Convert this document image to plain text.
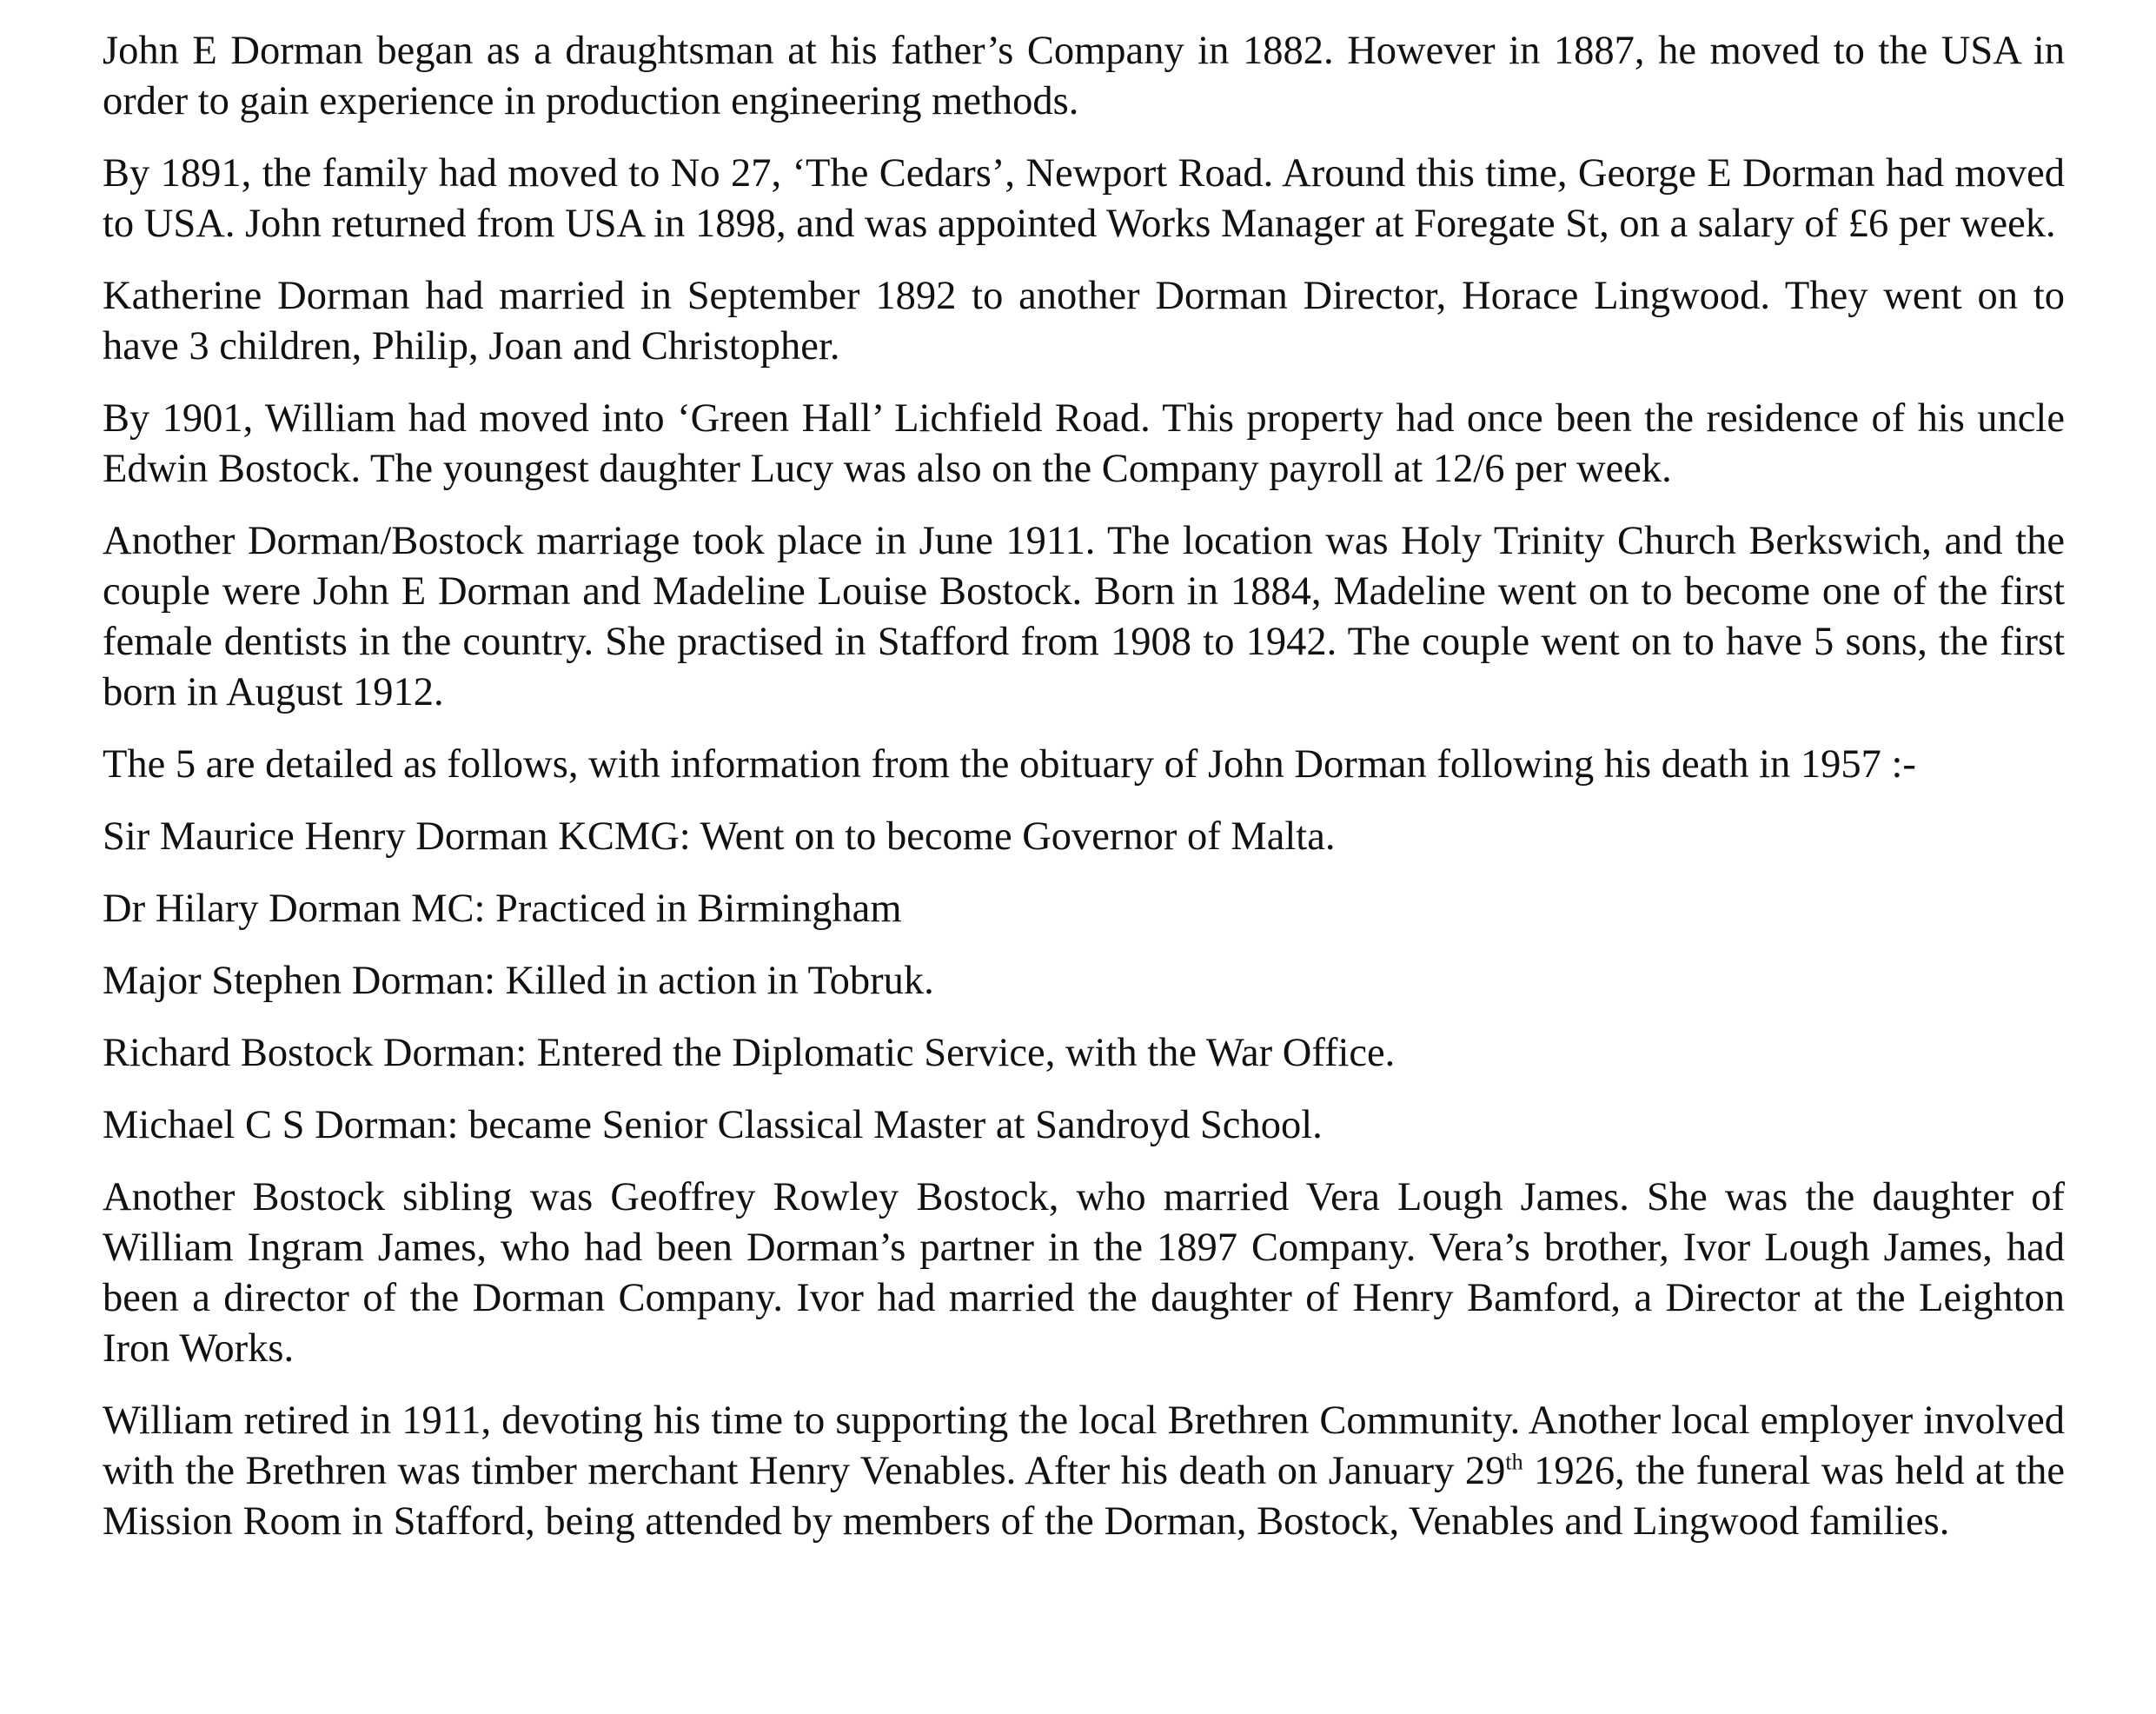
John E Dorman began as a draughtsman at his father’s Company in 1882. However in 1887, he moved to the USA in order to gain experience in production engineering methods.

By 1891, the family had moved to No 27, ‘The Cedars’, Newport Road. Around this time, George E Dorman had moved to USA. John returned from USA in 1898, and was appointed Works Manager at Foregate St, on a salary of £6 per week.

Katherine Dorman had married in September 1892 to another Dorman Director, Horace Lingwood. They went on to have 3 children, Philip, Joan and Christopher.

By 1901, William had moved into ‘Green Hall’ Lichfield Road. This property had once been the residence of his uncle Edwin Bostock. The youngest daughter Lucy was also on the Company payroll at 12/6 per week.

Another Dorman/Bostock marriage took place in June 1911. The location was Holy Trinity Church Berkswich, and the couple were John E Dorman and Madeline Louise Bostock. Born in 1884, Madeline went on to become one of the first female dentists in the country. She practised in Stafford from 1908 to 1942. The couple went on to have 5 sons, the first born in August 1912.

The 5 are detailed as follows, with information from the obituary of John Dorman following his death in 1957 :-

Sir Maurice Henry Dorman KCMG: Went on to become Governor of Malta.

Dr Hilary Dorman MC: Practiced in Birmingham

Major Stephen Dorman: Killed in action in Tobruk.

Richard Bostock Dorman: Entered the Diplomatic Service, with the War Office.

Michael C S Dorman: became Senior Classical Master at Sandroyd School.

Another Bostock sibling was Geoffrey Rowley Bostock, who married Vera Lough James. She was the daughter of William Ingram James, who had been Dorman’s partner in the 1897 Company. Vera’s brother, Ivor Lough James, had been a director of the Dorman Company. Ivor had married the daughter of Henry Bamford, a Director at the Leighton Iron Works.

William retired in 1911, devoting his time to supporting the local Brethren Community. Another local employer involved with the Brethren was timber merchant Henry Venables. After his death on January 29th 1926, the funeral was held at the Mission Room in Stafford, being attended by members of the Dorman, Bostock, Venables and Lingwood families.
